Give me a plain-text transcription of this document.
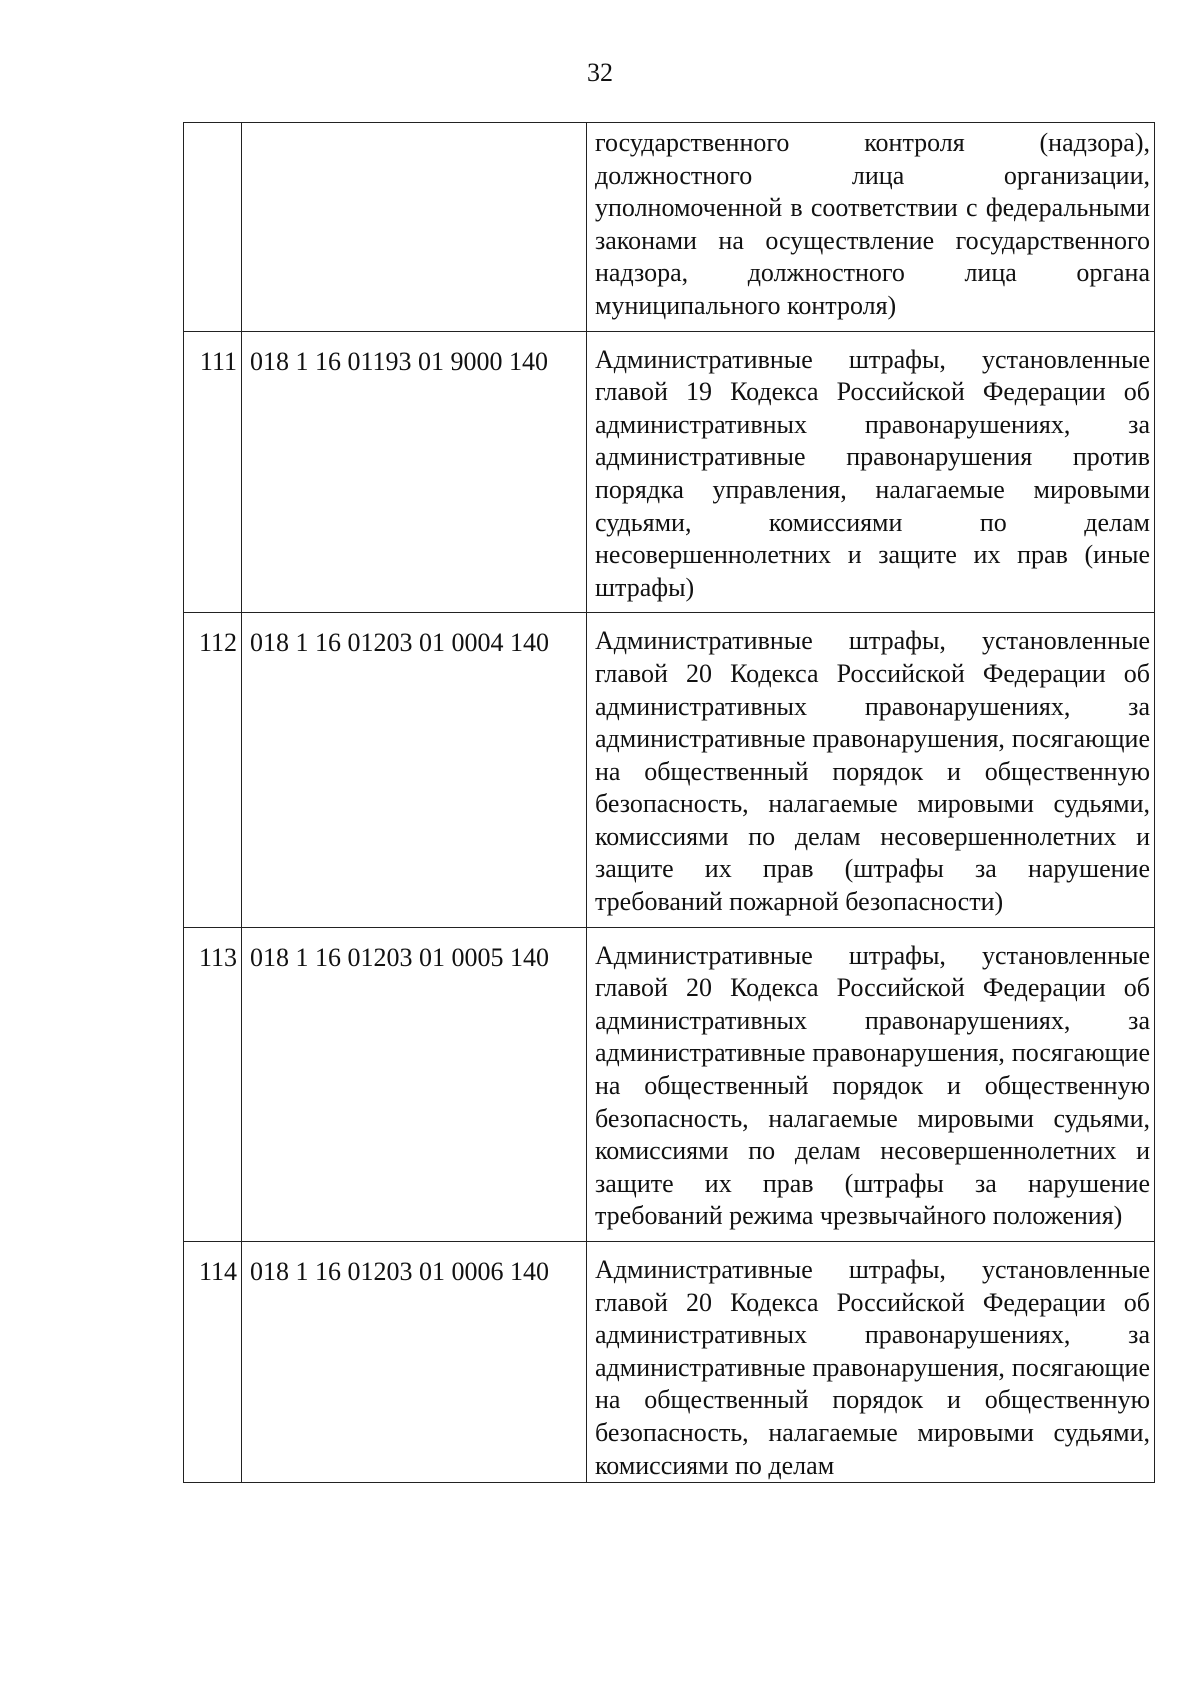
32

		государственного контроля (надзора), должностного лица организации, уполномоченной в соответствии с федеральными законами на осуществление государственного надзора, должностного лица органа муниципального контроля)

111	018 1 16 01193 01 9000 140	Административные штрафы, установленные главой 19 Кодекса Российской Федерации об административных правонарушениях, за административные правонарушения против порядка управления, налагаемые мировыми судьями, комиссиями по делам несовершеннолетних и защите их прав (иные штрафы)

112	018 1 16 01203 01 0004 140	Административные штрафы, установленные главой 20 Кодекса Российской Федерации об административных правонарушениях, за административные правонарушения, посягающие на общественный порядок и общественную безопасность, налагаемые мировыми судьями, комиссиями по делам несовершеннолетних и защите их прав (штрафы за нарушение требований пожарной безопасности)

113	018 1 16 01203 01 0005 140	Административные штрафы, установленные главой 20 Кодекса Российской Федерации об административных правонарушениях, за административные правонарушения, посягающие на общественный порядок и общественную безопасность, налагаемые мировыми судьями, комиссиями по делам несовершеннолетних и защите их прав (штрафы за нарушение требований режима чрезвычайного положения)

114	018 1 16 01203 01 0006 140	Административные штрафы, установленные главой 20 Кодекса Российской Федерации об административных правонарушениях, за административные правонарушения, посягающие на общественный порядок и общественную безопасность, налагаемые мировыми судьями, комиссиями по делам
